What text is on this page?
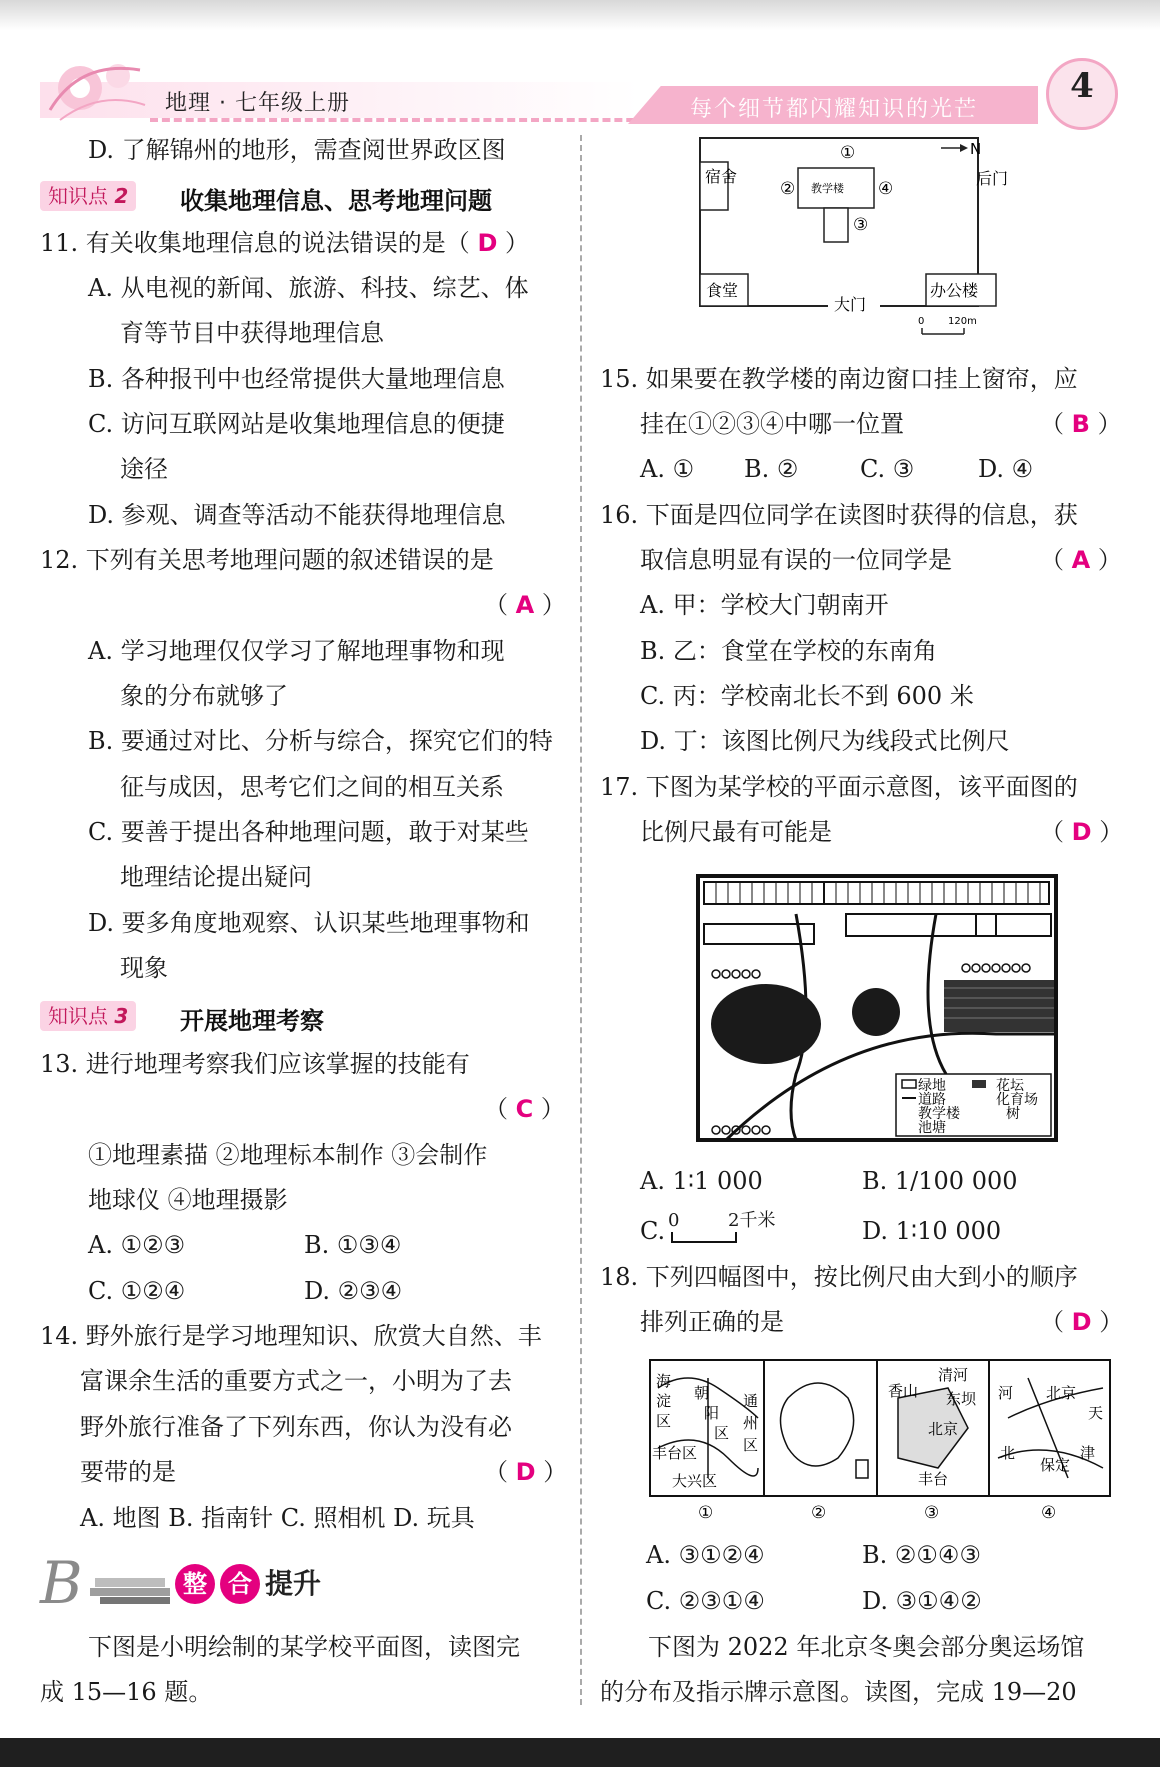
地理 · 七年级上册	每个细节都闪耀知识的光芒
4
D. 了解锦州的地形，需查阅世界政区图
知识点 2	收集地理信息、思考地理问题
11. 有关收集地理信息的说法错误的是（ D ）
A. 从电视的新闻、旅游、科技、综艺、体
育等节目中获得地理信息
B. 各种报刊中也经常提供大量地理信息
C. 访问互联网站是收集地理信息的便捷
途径
D. 参观、调查等活动不能获得地理信息
12. 下列有关思考地理问题的叙述错误的是
（ A ）
A. 学习地理仅仅学习了解地理事物和现
象的分布就够了
B. 要通过对比、分析与综合，探究它们的特
征与成因，思考它们之间的相互关系
C. 要善于提出各种地理问题，敢于对某些
地理结论提出疑问
D. 要多角度地观察、认识某些地理事物和
现象
知识点 3	开展地理考察
13. 进行地理考察我们应该掌握的技能有
（ C ）
①地理素描 ②地理标本制作 ③会制作
地球仪 ④地理摄影
A. ①②③	B. ①③④
C. ①②④	D. ②③④
14. 野外旅行是学习地理知识、欣赏大自然、丰
富课余生活的重要方式之一，小明为了去
野外旅行准备了下列东西，你认为没有必
要带的是	（ D ）
A. 地图 B. 指南针 C. 照相机 D. 玩具
B	整 合 提升
下图是小明绘制的某学校平面图，读图完
成 15—16 题。
宿舍
教学楼
①
②
③
④
N
后门
食堂	办公楼
大门
0 120m
15. 如果要在教学楼的南边窗口挂上窗帘，应
挂在①②③④中哪一位置	（ B ）
A. ① B. ②	C. ③	D. ④
16. 下面是四位同学在读图时获得的信息，获
取信息明显有误的一位同学是	（ A ）
A. 甲：学校大门朝南开
B. 乙：食堂在学校的东南角
C. 丙：学校南北长不到 600 米
D. 丁：该图比例尺为线段式比例尺
17. 下图为某学校的平面示意图，该平面图的
比例尺最有可能是	（ D ）
绿地
道路
教学楼
池塘
花坛
化育场
树
A. 1∶1 000	B. 1/100 000
C. 0	2千米	D. 1∶10 000
18. 下列四幅图中，按比例尺由大到小的顺序
排列正确的是	（ D ）
海
淀
区
朝
阳
区
通
州
区
丰台区
大兴区
清河
香山 东坝
北京
丰台
河 北京
天
北
保定
津
①	②	③	④
A. ③①②④	B. ②①④③
C. ②③①④	D. ③①④②
下图为 2022 年北京冬奥会部分奥运场馆
的分布及指示牌示意图。读图，完成 19—20
